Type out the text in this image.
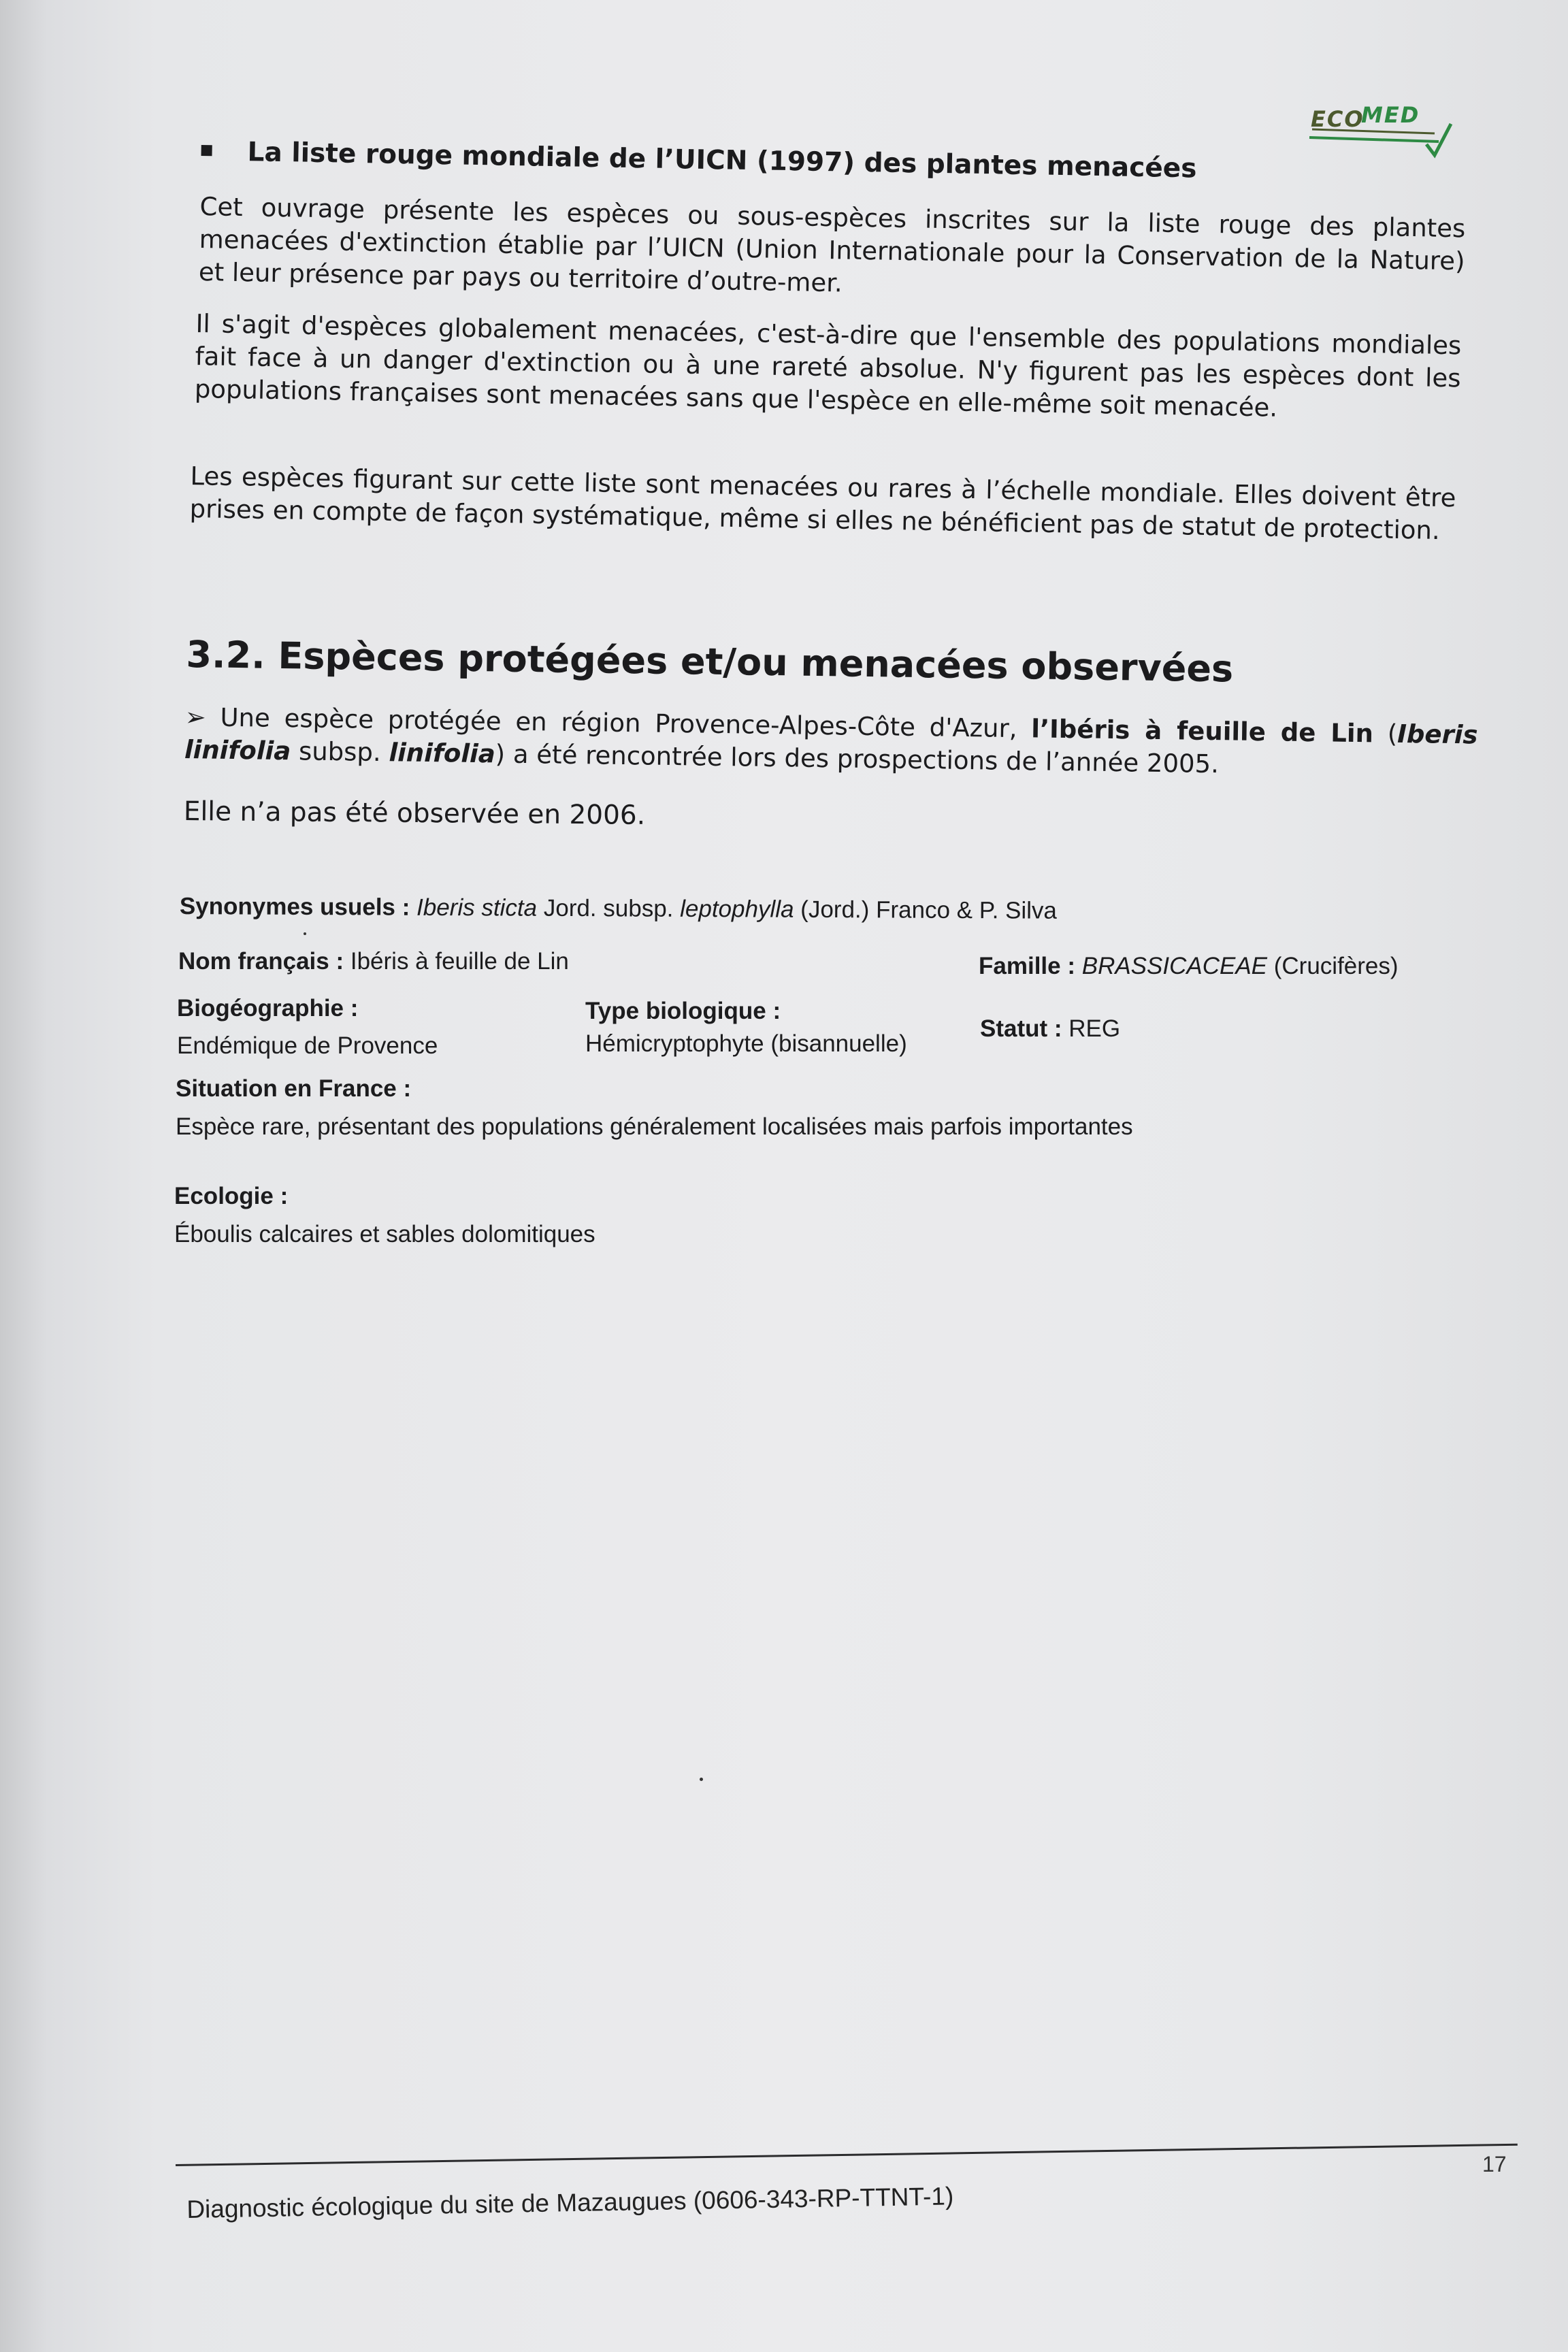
ECO
MED
La liste rouge mondiale de l’UICN (1997) des plantes menacées
Cet ouvrage présente les espèces ou sous-espèces inscrites sur la liste rouge des plantes menacées d'extinction établie par l’UICN (Union Internationale pour la Conservation de la Nature) et leur présence par pays ou territoire d’outre-mer.
Il s'agit d'espèces globalement menacées, c'est-à-dire que l'ensemble des populations mondiales fait face à un danger d'extinction ou à une rareté absolue. N'y figurent pas les espèces dont les populations françaises sont menacées sans que l'espèce en elle-même soit menacée.
Les espèces figurant sur cette liste sont menacées ou rares à l’échelle mondiale. Elles doivent être prises en compte de façon systématique, même si elles ne bénéficient pas de statut de protection.
3.2. Espèces protégées et/ou menacées observées
➢ Une espèce protégée en région Provence-Alpes-Côte d'Azur, l’Ibéris à feuille de Lin (Iberis linifolia subsp. linifolia) a été rencontrée lors des prospections de l’année 2005.
Elle n’a pas été observée en 2006.
Synonymes usuels : Iberis sticta Jord. subsp. leptophylla (Jord.) Franco & P. Silva
Nom français : Ibéris à feuille de Lin	Famille : BRASSICACEAE (Crucifères)
Biogéographie :
Endémique de Provence
Type biologique :
Hémicryptophyte (bisannuelle)
Statut : REG
Situation en France :
Espèce rare, présentant des populations généralement localisées mais parfois importantes
Ecologie :
Éboulis calcaires et sables dolomitiques
17
Diagnostic écologique du site de Mazaugues (0606-343-RP-TTNT-1)
